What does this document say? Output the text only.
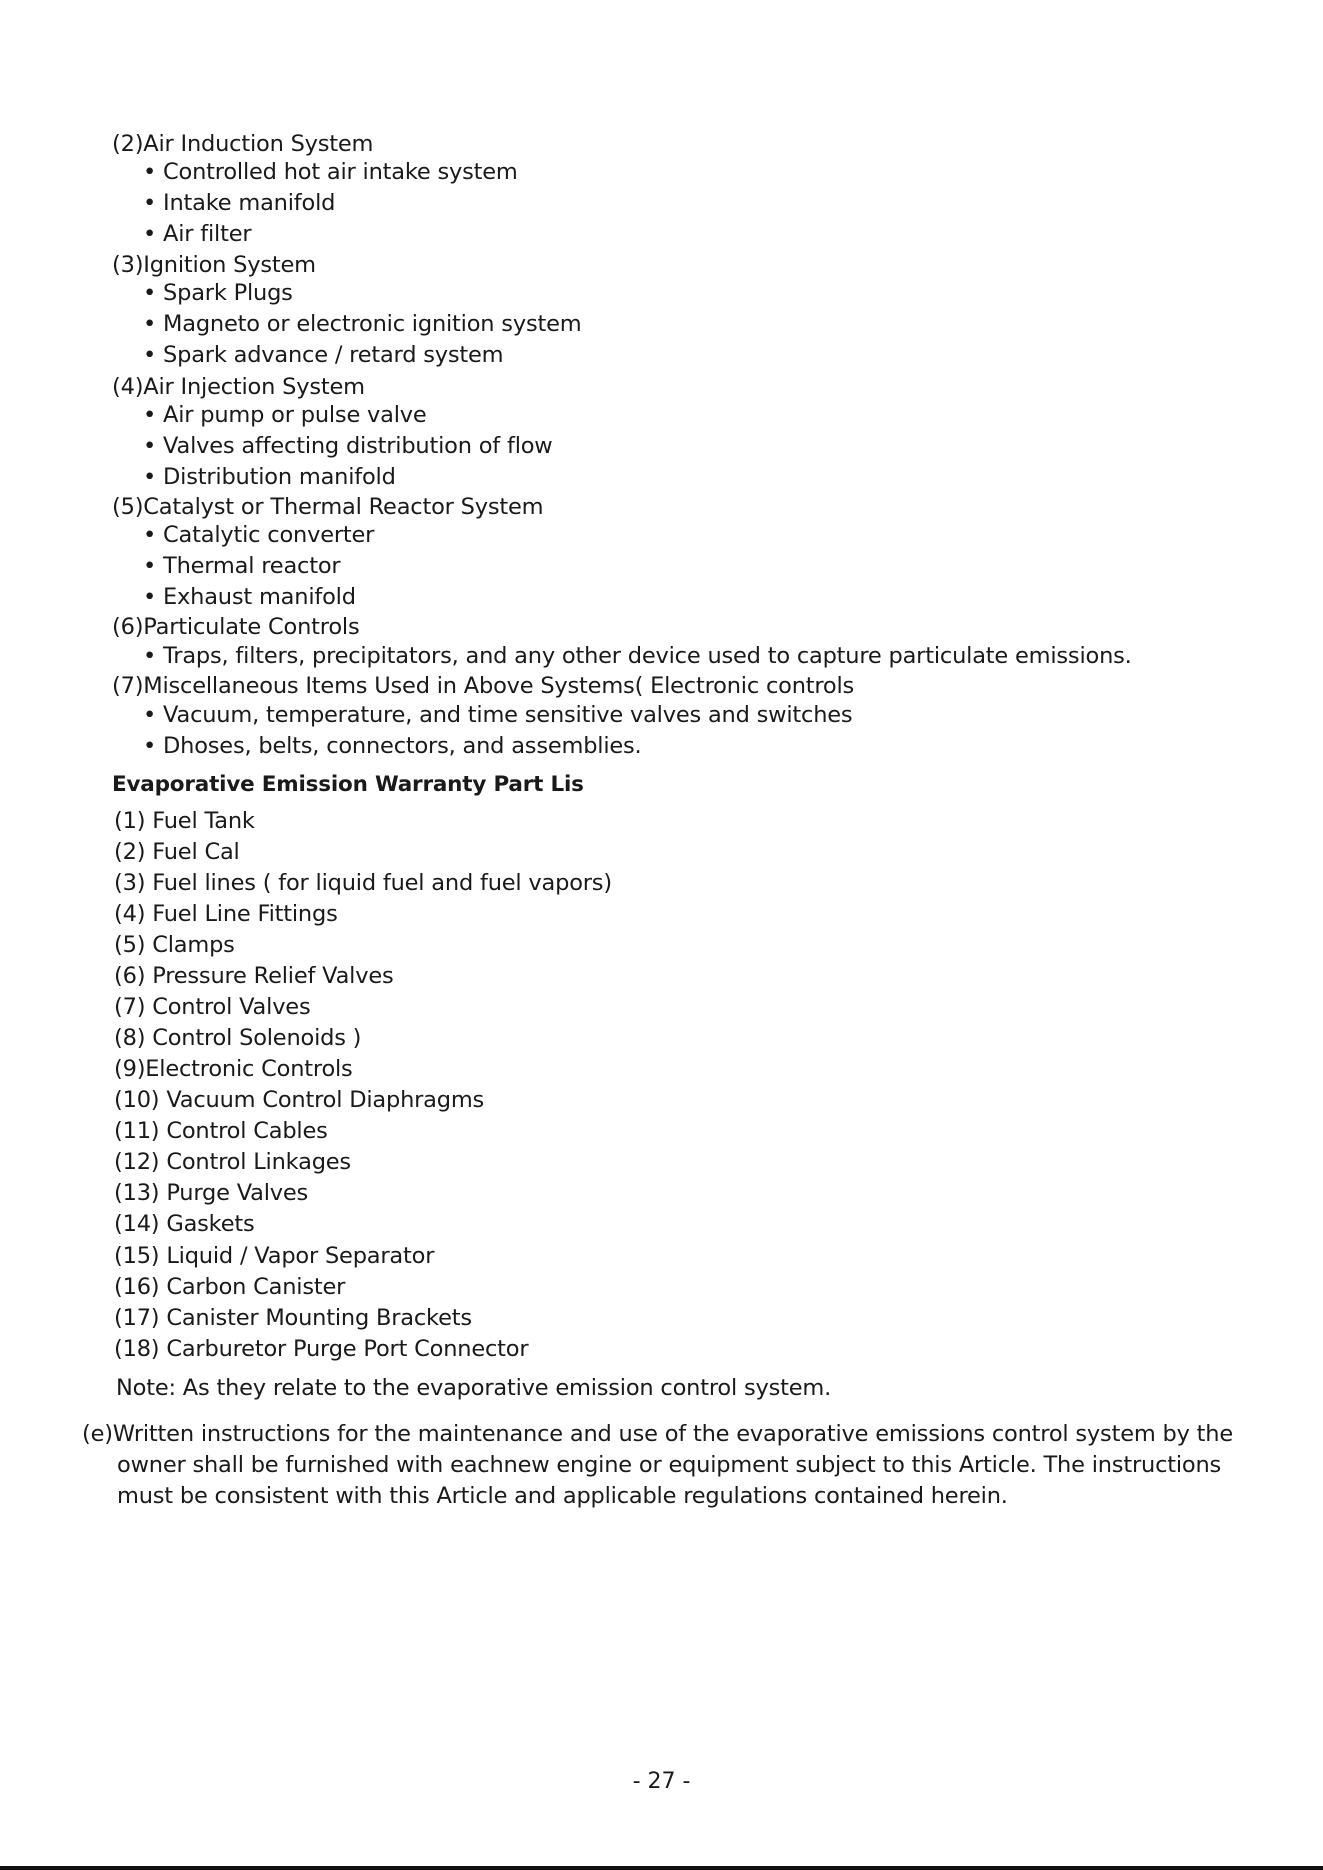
(2)Air Induction System
• Controlled hot air intake system
• Intake manifold
• Air filter
(3)Ignition System
• Spark Plugs
• Magneto or electronic ignition system
• Spark advance / retard system
(4)Air Injection System
• Air pump or pulse valve
• Valves affecting distribution of flow
• Distribution manifold
(5)Catalyst or Thermal Reactor System
• Catalytic converter
• Thermal reactor
• Exhaust manifold
(6)Particulate Controls
• Traps, filters, precipitators, and any other device used to capture particulate emissions.
(7)Miscellaneous Items Used in Above Systems( Electronic controls
• Vacuum, temperature, and time sensitive valves and switches
• Dhoses, belts, connectors, and assemblies.
Evaporative Emission Warranty Part Lis
(1) Fuel Tank
(2) Fuel Cal
(3) Fuel lines ( for liquid fuel and fuel vapors)
(4) Fuel Line Fittings
(5) Clamps
(6) Pressure Relief Valves
(7) Control Valves
(8) Control Solenoids )
(9)Electronic Controls
(10) Vacuum Control Diaphragms
(11) Control Cables
(12) Control Linkages
(13) Purge Valves
(14) Gaskets
(15) Liquid / Vapor Separator
(16) Carbon Canister
(17) Canister Mounting Brackets
(18) Carburetor Purge Port Connector
Note: As they relate to the evaporative emission control system.
(e)Written instructions for the maintenance and use of the evaporative emissions control system by the
owner shall be furnished with eachnew engine or equipment subject to this Article. The instructions
must be consistent with this Article and applicable regulations contained herein.
- 27 -
